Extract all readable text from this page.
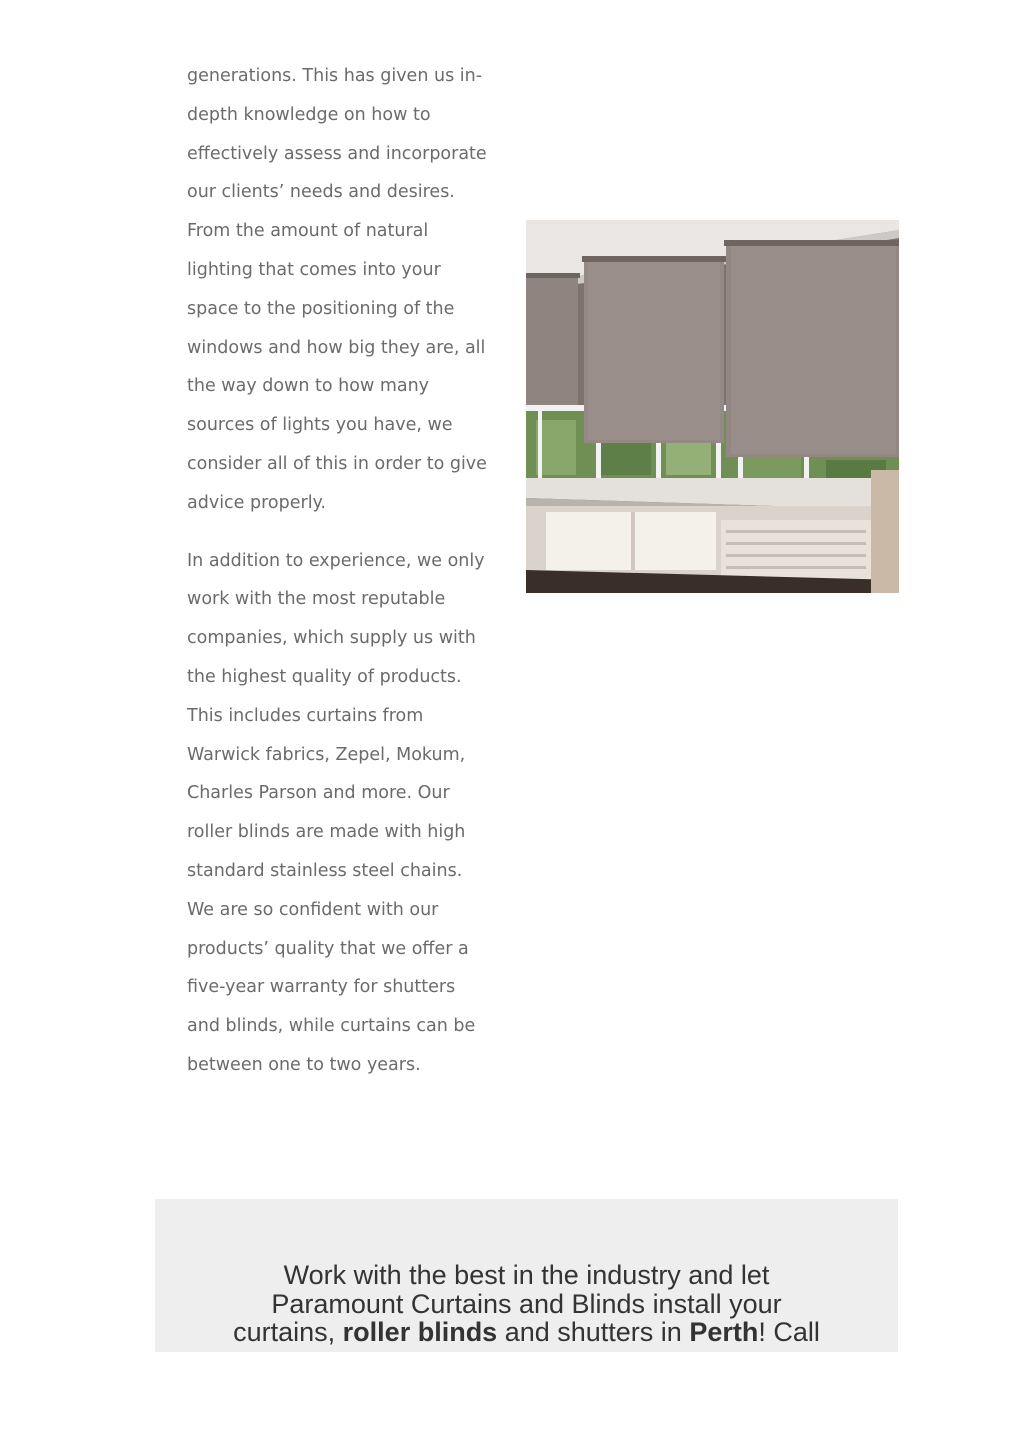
generations. This has given us in-
depth knowledge on how to
effectively assess and incorporate
our clients’ needs and desires.
From the amount of natural
lighting that comes into your
space to the positioning of the
windows and how big they are, all
the way down to how many
sources of lights you have, we
consider all of this in order to give
advice properly.

In addition to experience, we only
work with the most reputable
companies, which supply us with
the highest quality of products.
This includes curtains from
Warwick fabrics, Zepel, Mokum,
Charles Parson and more. Our
roller blinds are made with high
standard stainless steel chains.
We are so confident with our
products’ quality that we offer a
five-year warranty for shutters
and blinds, while curtains can be
between one to two years.

Work with the best in the industry and let
Paramount Curtains and Blinds install your
curtains, roller blinds and shutters in Perth! Call
